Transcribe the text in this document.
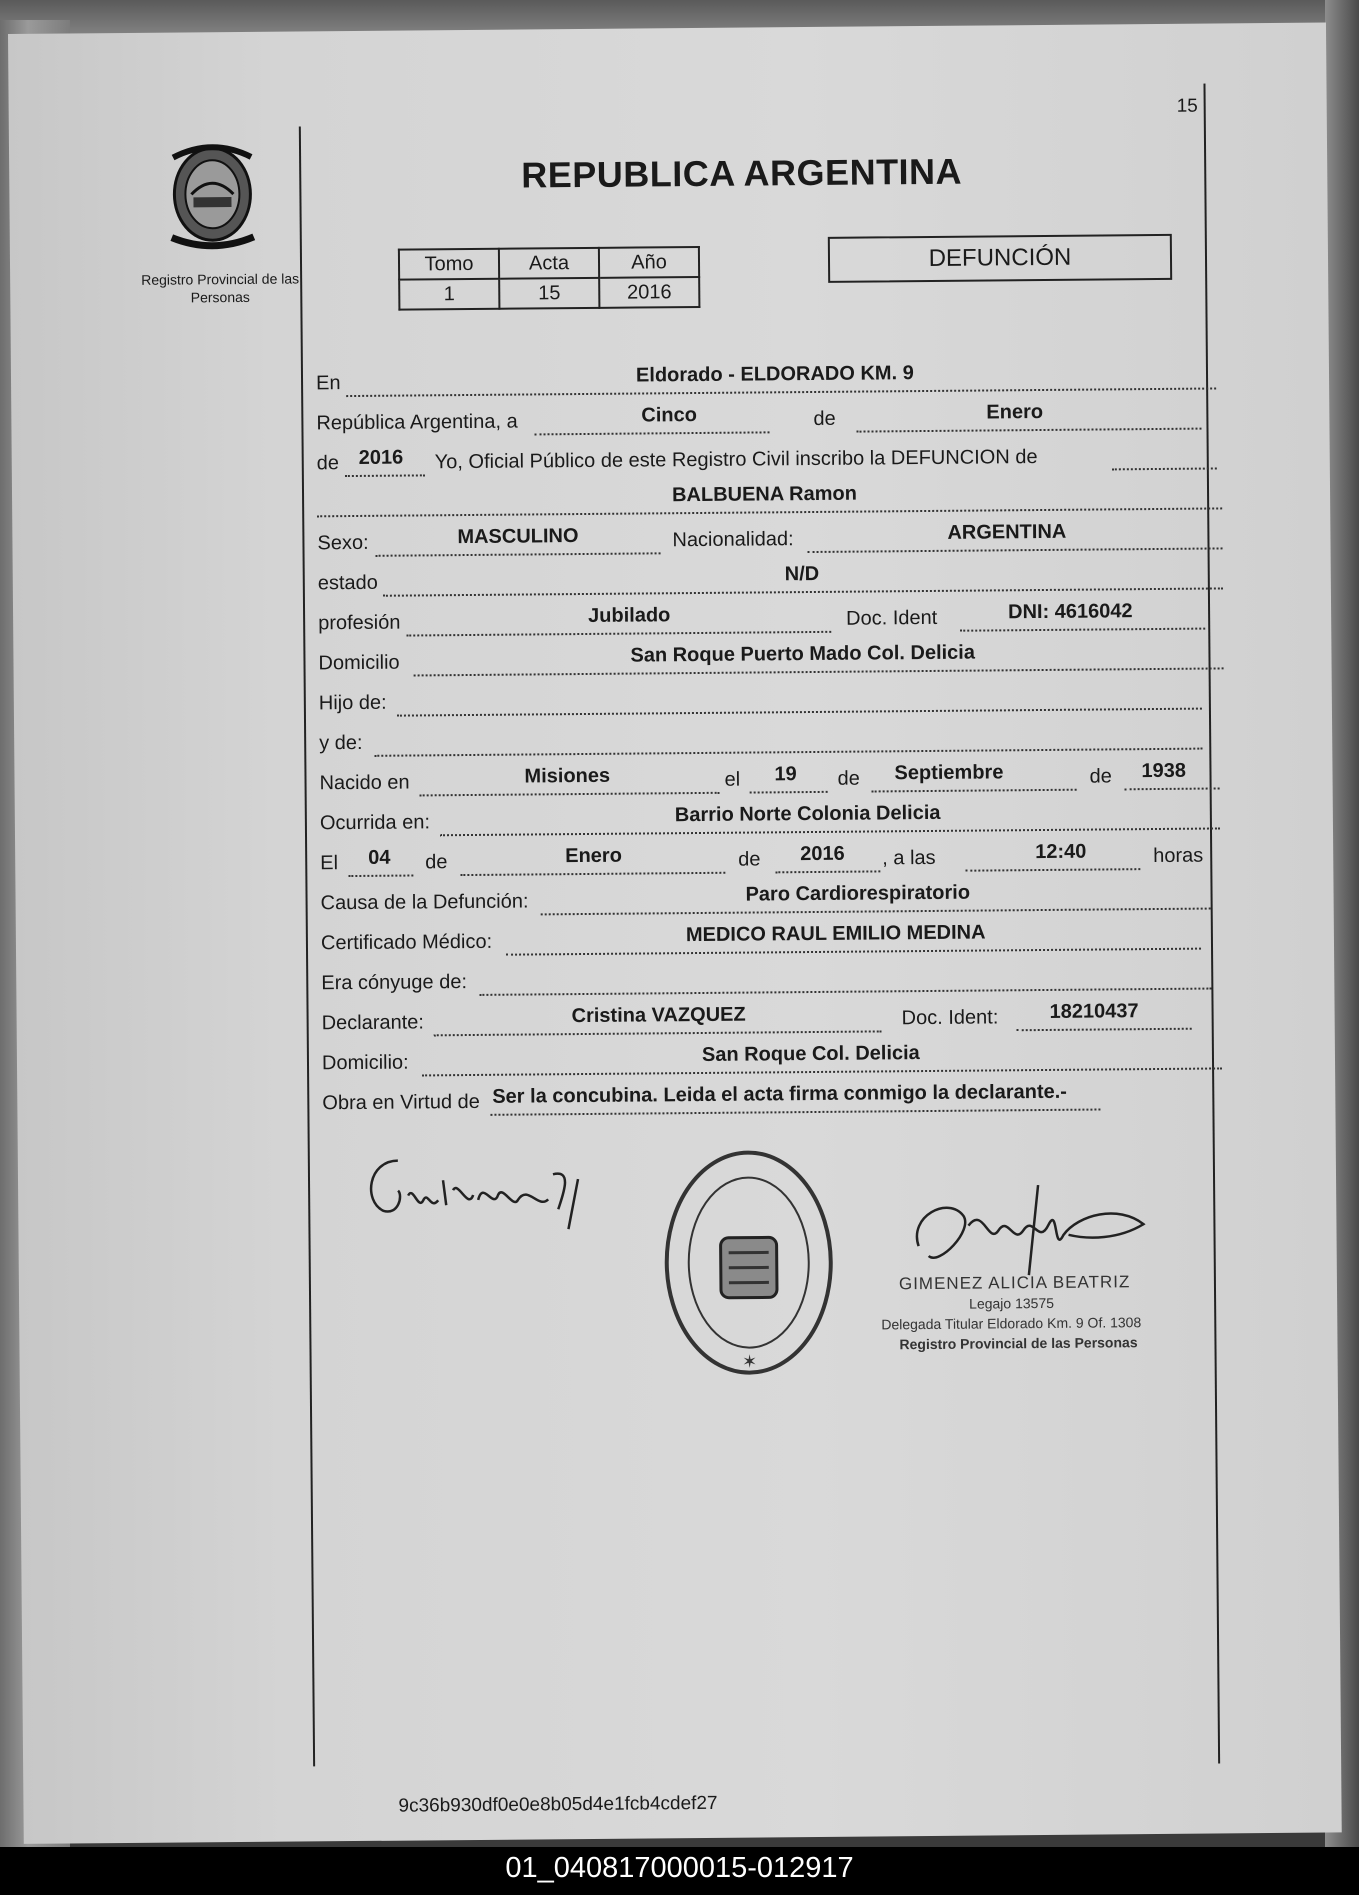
15
Registro Provincial de las Personas
REPUBLICA ARGENTINA
Tomo	Acta	Año
1	15	2016
DEFUNCIÓN
En	Eldorado - ELDORADO KM. 9
República Argentina, a	Cinco	de	Enero
de 2016 Yo, Oficial Público de este Registro Civil inscribo la DEFUNCION de
BALBUENA Ramon
Sexo:	MASCULINO	Nacionalidad:	ARGENTINA
estado	N/D
profesión	Jubilado	Doc. Ident	DNI: 4616042
Domicilio	San Roque Puerto Mado Col. Delicia
Hijo de:
y de:
Nacido en	Misiones	el 19 de Septiembre	de 1938
Ocurrida en:	Barrio Norte Colonia Delicia
El 04 de	Enero	de 2016 , a las	12:40	horas
Causa de la Defunción:	Paro Cardiorespiratorio
Certificado Médico:	MEDICO RAUL EMILIO MEDINA
Era cónyuge de:
Declarante:	Cristina VAZQUEZ	Doc. Ident:	18210437
Domicilio:	San Roque Col. Delicia
Obra en Virtud de Ser la concubina. Leida el acta firma conmigo la declarante.-
✶
GIMENEZ ALICIA BEATRIZ
Legajo 13575
Delegada Titular Eldorado Km. 9 Of. 1308
Registro Provincial de las Personas
9c36b930df0e0e8b05d4e1fcb4cdef27
01_040817000015-012917
